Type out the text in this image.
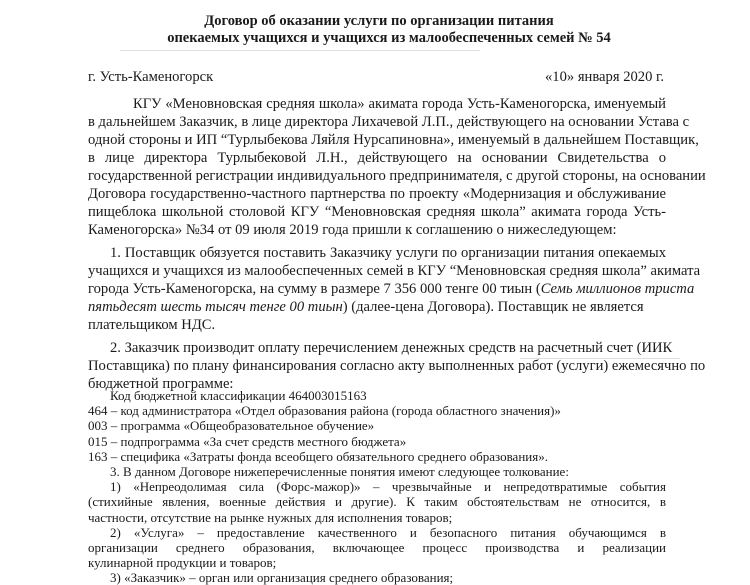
Договор об оказании услуги по организации питания
опекаемых учащихся и учащихся из малообеспеченных семей № 54
г. Усть-Каменогорск	«10» января 2020 г.
КГУ «Меновновская средняя школа» акимата города Усть-Каменогорска, именуемый
в дальнейшем Заказчик, в лице директора Лихачевой Л.П., действующего на основании Устава с
одной стороны и ИП “Турлыбекова Ляйля Нурсапиновна», именуемый в дальнейшем Поставщик,
в лице директора Турлыбековой Л.Н., действующего на основании Свидетельства о
государственной регистрации индивидуального предпринимателя, с другой стороны, на основании
Договора государственно-частного партнерства по проекту «Модернизация и обслуживание
пищеблока школьной столовой КГУ “Меновновская средняя школа” акимата города Усть-
Каменогорска» №34 от 09 июля 2019 года пришли к соглашению о нижеследующем:
1. Поставщик обязуется поставить Заказчику услуги по организации питания опекаемых
учащихся и учащихся из малообеспеченных семей в КГУ “Меновновская средняя школа” акимата
города Усть-Каменогорска, на сумму в размере 7 356 000 тенге 00 тиын (Семь миллионов триста
пятьдесят шесть тысяч тенге 00 тиын) (далее-цена Договора). Поставщик не является
плательщиком НДС.
2. Заказчик производит оплату перечислением денежных средств на расчетный счет (ИИК
Поставщика) по плану финансирования согласно акту выполненных работ (услуги) ежемесячно по
бюджетной программе:
Код бюджетной классификации 464003015163
464 – код администратора «Отдел образования района (города областного значения)»
003 – программа «Общеобразовательное обучение»
015 – подпрограмма «За счет средств местного бюджета»
163 – специфика «Затраты фонда всеобщего обязательного среднего образования».
3. В данном Договоре нижеперечисленные понятия имеют следующее толкование:
1) «Непреодолимая сила (Форс-мажор)» – чрезвычайные и непредотвратимые события
(стихийные явления, военные действия и другие). К таким обстоятельствам не относится, в
частности, отсутствие на рынке нужных для исполнения товаров;
2) «Услуга» – предоставление качественного и безопасного питания обучающимся в
организации среднего образования, включающее процесс производства и реализации
кулинарной продукции и товаров;
3) «Заказчик» – орган или организация среднего образования;
